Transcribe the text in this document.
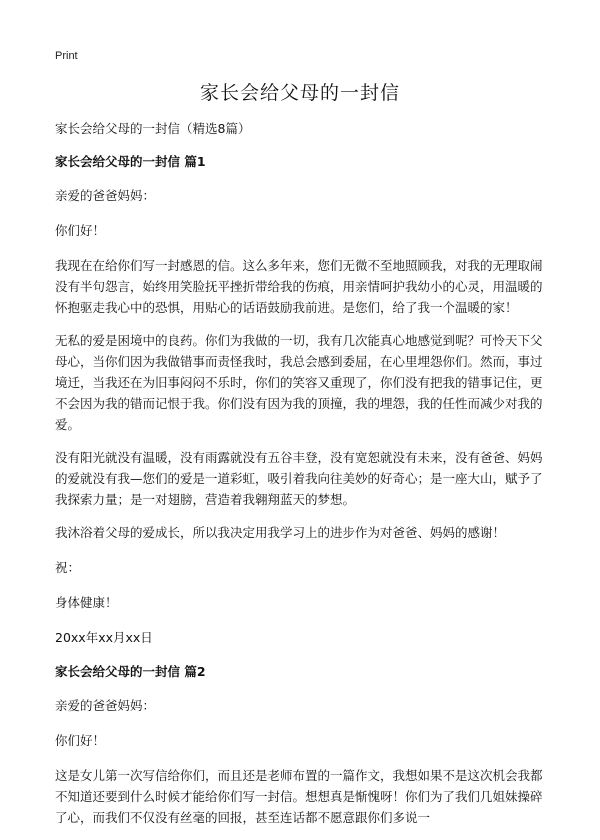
Print
家长会给父母的一封信

家长会给父母的一封信（精选8篇）

家长会给父母的一封信 篇1

亲爱的爸爸妈妈：

你们好！

我现在在给你们写一封感恩的信。这么多年来，您们无微不至地照顾我，对我的无理取闹没有半句怨言，始终用笑脸抚平挫折带给我的伤痕，用亲情呵护我幼小的心灵，用温暖的怀抱驱走我心中的恐惧，用贴心的话语鼓励我前进。是您们，给了我一个温暖的家！

无私的爱是困境中的良药。你们为我做的一切，我有几次能真心地感觉到呢？可怜天下父母心，当你们因为我做错事而责怪我时，我总会感到委屈，在心里埋怨你们。然而，事过境迁，当我还在为旧事闷闷不乐时，你们的笑容又重现了，你们没有把我的错事记住，更不会因为我的错而记恨于我。你们没有因为我的顶撞，我的埋怨，我的任性而减少对我的爱。

没有阳光就没有温暖，没有雨露就没有五谷丰登，没有宽恕就没有未来，没有爸爸、妈妈的爱就没有我—您们的爱是一道彩虹，吸引着我向往美妙的好奇心；是一座大山，赋予了我探索力量；是一对翅膀，营造着我翱翔蓝天的梦想。

我沐浴着父母的爱成长，所以我决定用我学习上的进步作为对爸爸、妈妈的感谢！

祝：

身体健康！

20xx年xx月xx日

家长会给父母的一封信 篇2

亲爱的爸爸妈妈：

你们好！

这是女儿第一次写信给你们，而且还是老师布置的一篇作文，我想如果不是这次机会我都不知道还要到什么时候才能给你们写一封信。想想真是惭愧呀！你们为了我们几姐妹操碎了心，而我们不仅没有丝毫的回报，甚至连话都不愿意跟你们多说一
